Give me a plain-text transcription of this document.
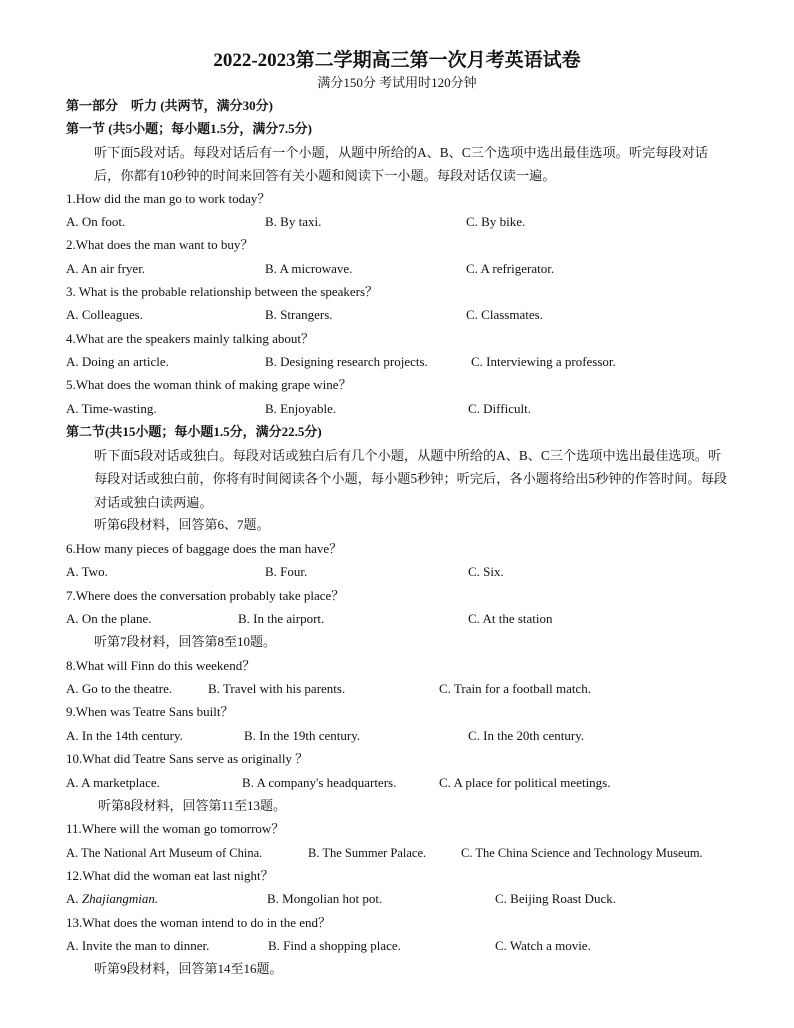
2022-2023第二学期高三第一次月考英语试卷
满分150分 考试用时120分钟
第一部分　听力 (共两节，满分30分)
第一节 (共5小题；每小题1.5分，满分7.5分)
听下面5段对话。每段对话后有一个小题，从题中所给的A、B、C三个选项中选出最佳选项。听完每段对话后，你都有10秒钟的时间来回答有关小题和阅读下一小题。每段对话仅读一遍。
1.How did the man go to work today？
A. On foot.	B. By taxi.	C. By bike.
2.What does the man want to buy？
A. An air fryer.	B. A microwave.	C. A refrigerator.
3. What is the probable relationship between the speakers？
A. Colleagues.	B. Strangers.	C. Classmates.
4.What are the speakers mainly talking about？
A. Doing an article.	B. Designing research projects.	C. Interviewing a professor.
5.What does the woman think of making grape wine？
A. Time-wasting.	B. Enjoyable.	C. Difficult.
第二节(共15小题；每小题1.5分，满分22.5分)
听下面5段对话或独白。每段对话或独白后有几个小题，从题中所给的A、B、C三个选项中选出最佳选项。听每段对话或独白前，你将有时间阅读各个小题，每小题5秒钟；听完后，各小题将给出5秒钟的作答时间。每段对话或独白读两遍。
听第6段材料，回答第6、7题。
6.How many pieces of baggage does the man have？
A. Two.	B. Four.	C. Six.
7.Where does the conversation probably take place？
A. On the plane.	B. In the airport.	C. At the station
听第7段材料，回答第8至10题。
8.What will Finn do this weekend？
A. Go to the theatre.	B. Travel with his parents.	C. Train for a football match.
9.When was Teatre Sans built？
A. In the 14th century.	B. In the 19th century.	C. In the 20th century.
10.What did Teatre Sans serve as originally ？
A. A marketplace.	B. A company's headquarters.	C. A place for political meetings.
听第8段材料，回答第11至13题。
11.Where will the woman go tomorrow？
A. The National Art Museum of China.	B. The Summer Palace.	C. The China Science and Technology Museum.
12.What did the woman eat last night？
A. Zhajiangmian.	B. Mongolian hot pot.	C. Beijing Roast Duck.
13.What does the woman intend to do in the end？
A. Invite the man to dinner.	B. Find a shopping place.	C. Watch a movie.
听第9段材料，回答第14至16题。
